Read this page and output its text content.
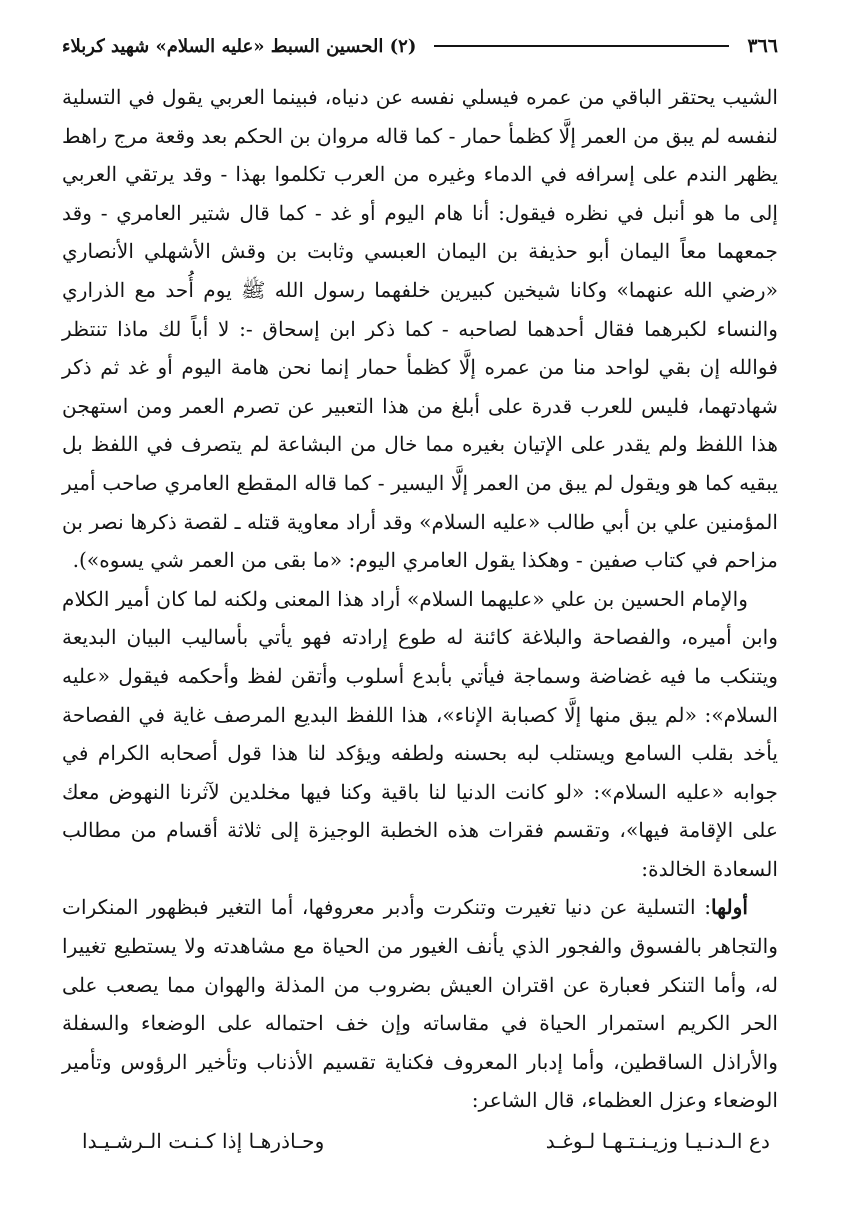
٣٦٦
(٢) الحسين السبط «عليه السلام» شهيد كربلاء

الشيب يحتقر الباقي من عمره فيسلي نفسه عن دنياه، فبينما العربي يقول في التسلية لنفسه لم يبق من العمر إلَّا كظمأ حمار - كما قاله مروان بن الحكم بعد وقعة مرج راهط يظهر الندم على إسرافه في الدماء وغيره من العرب تكلموا بهذا - وقد يرتقي العربي إلى ما هو أنبل في نظره فيقول: أنا هام اليوم أو غد - كما قال شتير العامري - وقد جمعهما معاً اليمان أبو حذيفة بن اليمان العبسي وثابت بن وقش الأشهلي الأنصاري «رضي الله عنهما» وكانا شيخين كبيرين خلفهما رسول الله ﷺ يوم أُحد مع الذراري والنساء لكبرهما فقال أحدهما لصاحبه - كما ذكر ابن إسحاق -: لا أباً لك ماذا تنتظر فوالله إن بقي لواحد منا من عمره إلَّا كظمأ حمار إنما نحن هامة اليوم أو غد ثم ذكر شهادتهما، فليس للعرب قدرة على أبلغ من هذا التعبير عن تصرم العمر ومن استهجن هذا اللفظ ولم يقدر على الإتيان بغيره مما خال من البشاعة لم يتصرف في اللفظ بل يبقيه كما هو ويقول لم يبق من العمر إلَّا اليسير - كما قاله المقطع العامري صاحب أمير المؤمنين علي بن أبي طالب «عليه السلام» وقد أراد معاوية قتله ـ لقصة ذكرها نصر بن مزاحم في كتاب صفين - وهكذا يقول العامري اليوم: «ما بقى من العمر شي يسوه»).

والإمام الحسين بن علي «عليهما السلام» أراد هذا المعنى ولكنه لما كان أمير الكلام وابن أميره، والفصاحة والبلاغة كائنة له طوع إرادته فهو يأتي بأساليب البيان البديعة ويتنكب ما فيه غضاضة وسماجة فيأتي بأبدع أسلوب وأتقن لفظ وأحكمه فيقول «عليه السلام»: «لم يبق منها إلَّا كصبابة الإناء»، هذا اللفظ البديع المرصف غاية في الفصاحة يأخد بقلب السامع ويستلب لبه بحسنه ولطفه ويؤكد لنا هذا قول أصحابه الكرام في جوابه «عليه السلام»: «لو كانت الدنيا لنا باقية وكنا فيها مخلدين لآثرنا النهوض معك على الإقامة فيها»، وتقسم فقرات هذه الخطبة الوجيزة إلى ثلاثة أقسام من مطالب السعادة الخالدة:

أولها: التسلية عن دنيا تغيرت وتنكرت وأدبر معروفها، أما التغير فبظهور المنكرات والتجاهر بالفسوق والفجور الذي يأنف الغيور من الحياة مع مشاهدته ولا يستطيع تغييرا له، وأما التنكر فعبارة عن اقتران العيش بضروب من المذلة والهوان مما يصعب على الحر الكريم استمرار الحياة في مقاساته وإن خف احتماله على الوضعاء والسفلة والأراذل الساقطين، وأما إدبار المعروف فكناية تقسيم الأذناب وتأخير الرؤوس وتأمير الوضعاء وعزل العظماء، قال الشاعر:

دع الـدنـيـا وزيـنـتـهـا لـوغـد
وحـاذرهـا إذا كـنـت الـرشـيـدا
